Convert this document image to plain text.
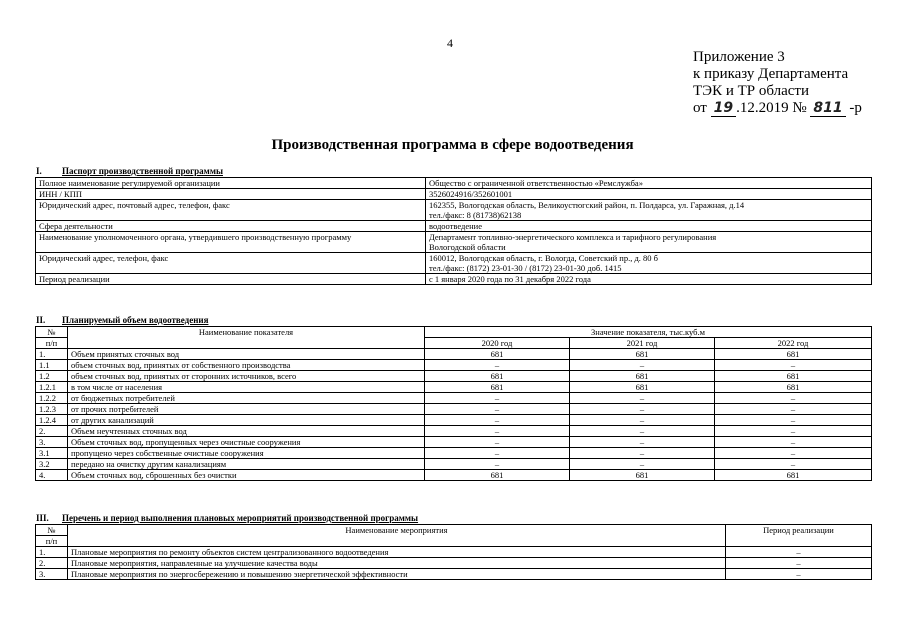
4
Приложение 3
к приказу Департамента
ТЭК и ТР области
от 19 .12.2019 № 811 -р
Производственная программа в сфере водоотведения
I. Паспорт производственной программы
Полное наименование регулируемой организации	Общество с ограниченной ответственностью «Ремслужба»

ИНН / КПП	3526024916/352601001

Юридический адрес, почтовый адрес, телефон, факс	162355, Вологодская область, Великоустюгский район, п. Полдарса, ул. Гаражная, д.14
тел./факс: 8 (81738)62138

Сфера деятельности	водоотведение

Наименование уполномоченного органа, утвердившего производственную программу	Департамент топливно-энергетического комплекса и тарифного регулирования
Вологодской области

Юридический адрес, телефон, факс	160012, Вологодская область, г. Вологда, Советский пр., д. 80 б
тел./факс: (8172) 23-01-30 / (8172) 23-01-30 доб. 1415

Период реализации	с 1 января 2020 года по 31 декабря 2022 года
II. Планируемый объем водоотведения
№	Наименование показателя	Значение показателя, тыс.куб.м		
п/п		2020 год	2021 год	2022 год
1.	Объем принятых сточных вод	681	681	681
1.1	объем сточных вод, принятых от собственного производства	–	–	–
1.2	объем сточных вод, принятых от сторонних источников, всего	681	681	681
1.2.1	в том числе от населения	681	681	681
1.2.2	от бюджетных потребителей	–	–	–
1.2.3	от прочих потребителей	–	–	–
1.2.4	от других канализаций	–	–	–
2.	Объем неучтенных сточных вод	–	–	–
3.	Объем сточных вод, пропущенных через очистные сооружения	–	–	–
3.1	пропущено через собственные очистные сооружения	–	–	–
3.2	передано на очистку другим канализациям	–	–	–
4.	Объем сточных вод, сброшенных без очистки	681	681	681
III. Перечень и период выполнения плановых мероприятий производственной программы
№	Наименование мероприятия	Период реализации
п/п		
1.	Плановые мероприятия по ремонту объектов систем централизованного водоотведения	–
2.	Плановые мероприятия, направленные на улучшение качества воды	–
3.	Плановые мероприятия по энергосбережению и повышению энергетической эффективности	–
